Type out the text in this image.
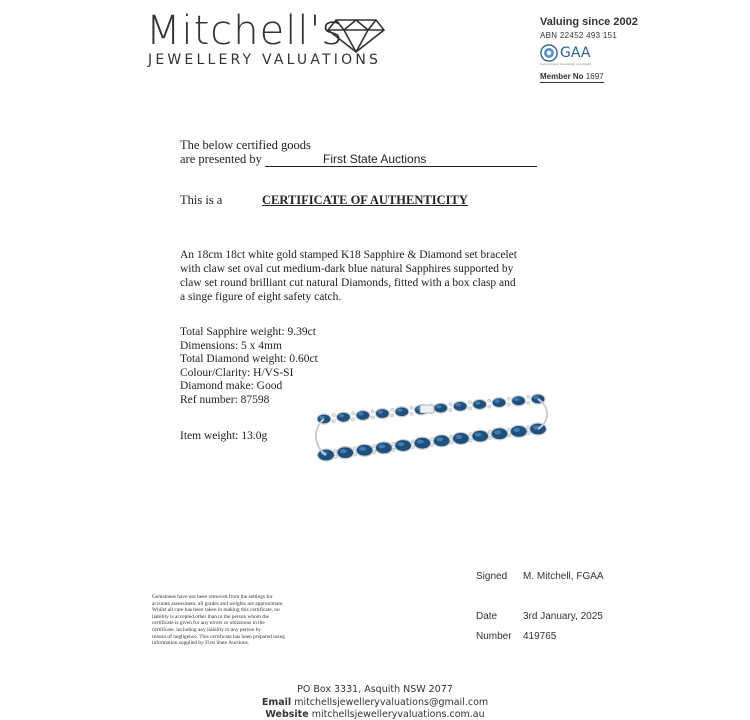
Mitchell's
JEWELLERY VALUATIONS
Valuing since 2002
ABN 22452 493 151
GAA
Gemmologists Association of Australia
Member No 1697
The below certified goods
are presented by	First State Auctions
This is a	CERTIFICATE OF AUTHENTICITY
An 18cm 18ct white gold stamped K18 Sapphire & Diamond set bracelet
with claw set oval cut medium-dark blue natural Sapphires supported by
claw set round brilliant cut natural Diamonds, fitted with a box clasp and
a singe figure of eight safety catch.
Total Sapphire weight: 9.39ct
Dimensions: 5 x 4mm
Total Diamond weight: 0.60ct
Colour/Clarity: H/VS-SI
Diamond make: Good
Ref number: 87598
Item weight: 13.0g
Gemstones have not been removed from the settings for
accurate assessment, all grades and weights are approximate.
Whilst all care has been taken in making this certificate, no
liability is accepted other than to the person whom the
certificate is given for any errors or omissions in the
certificate, including any liability to any person by
reason of negligence. This certificate has been prepared using
information supplied by First State Auctions.
Signed M. Mitchell, FGAA
Date	3rd January, 2025
Number 419765
PO Box 3331, Asquith NSW 2077
Email mitchellsjewelleryvaluations@gmail.com
Website mitchellsjewelleryvaluations.com.au
